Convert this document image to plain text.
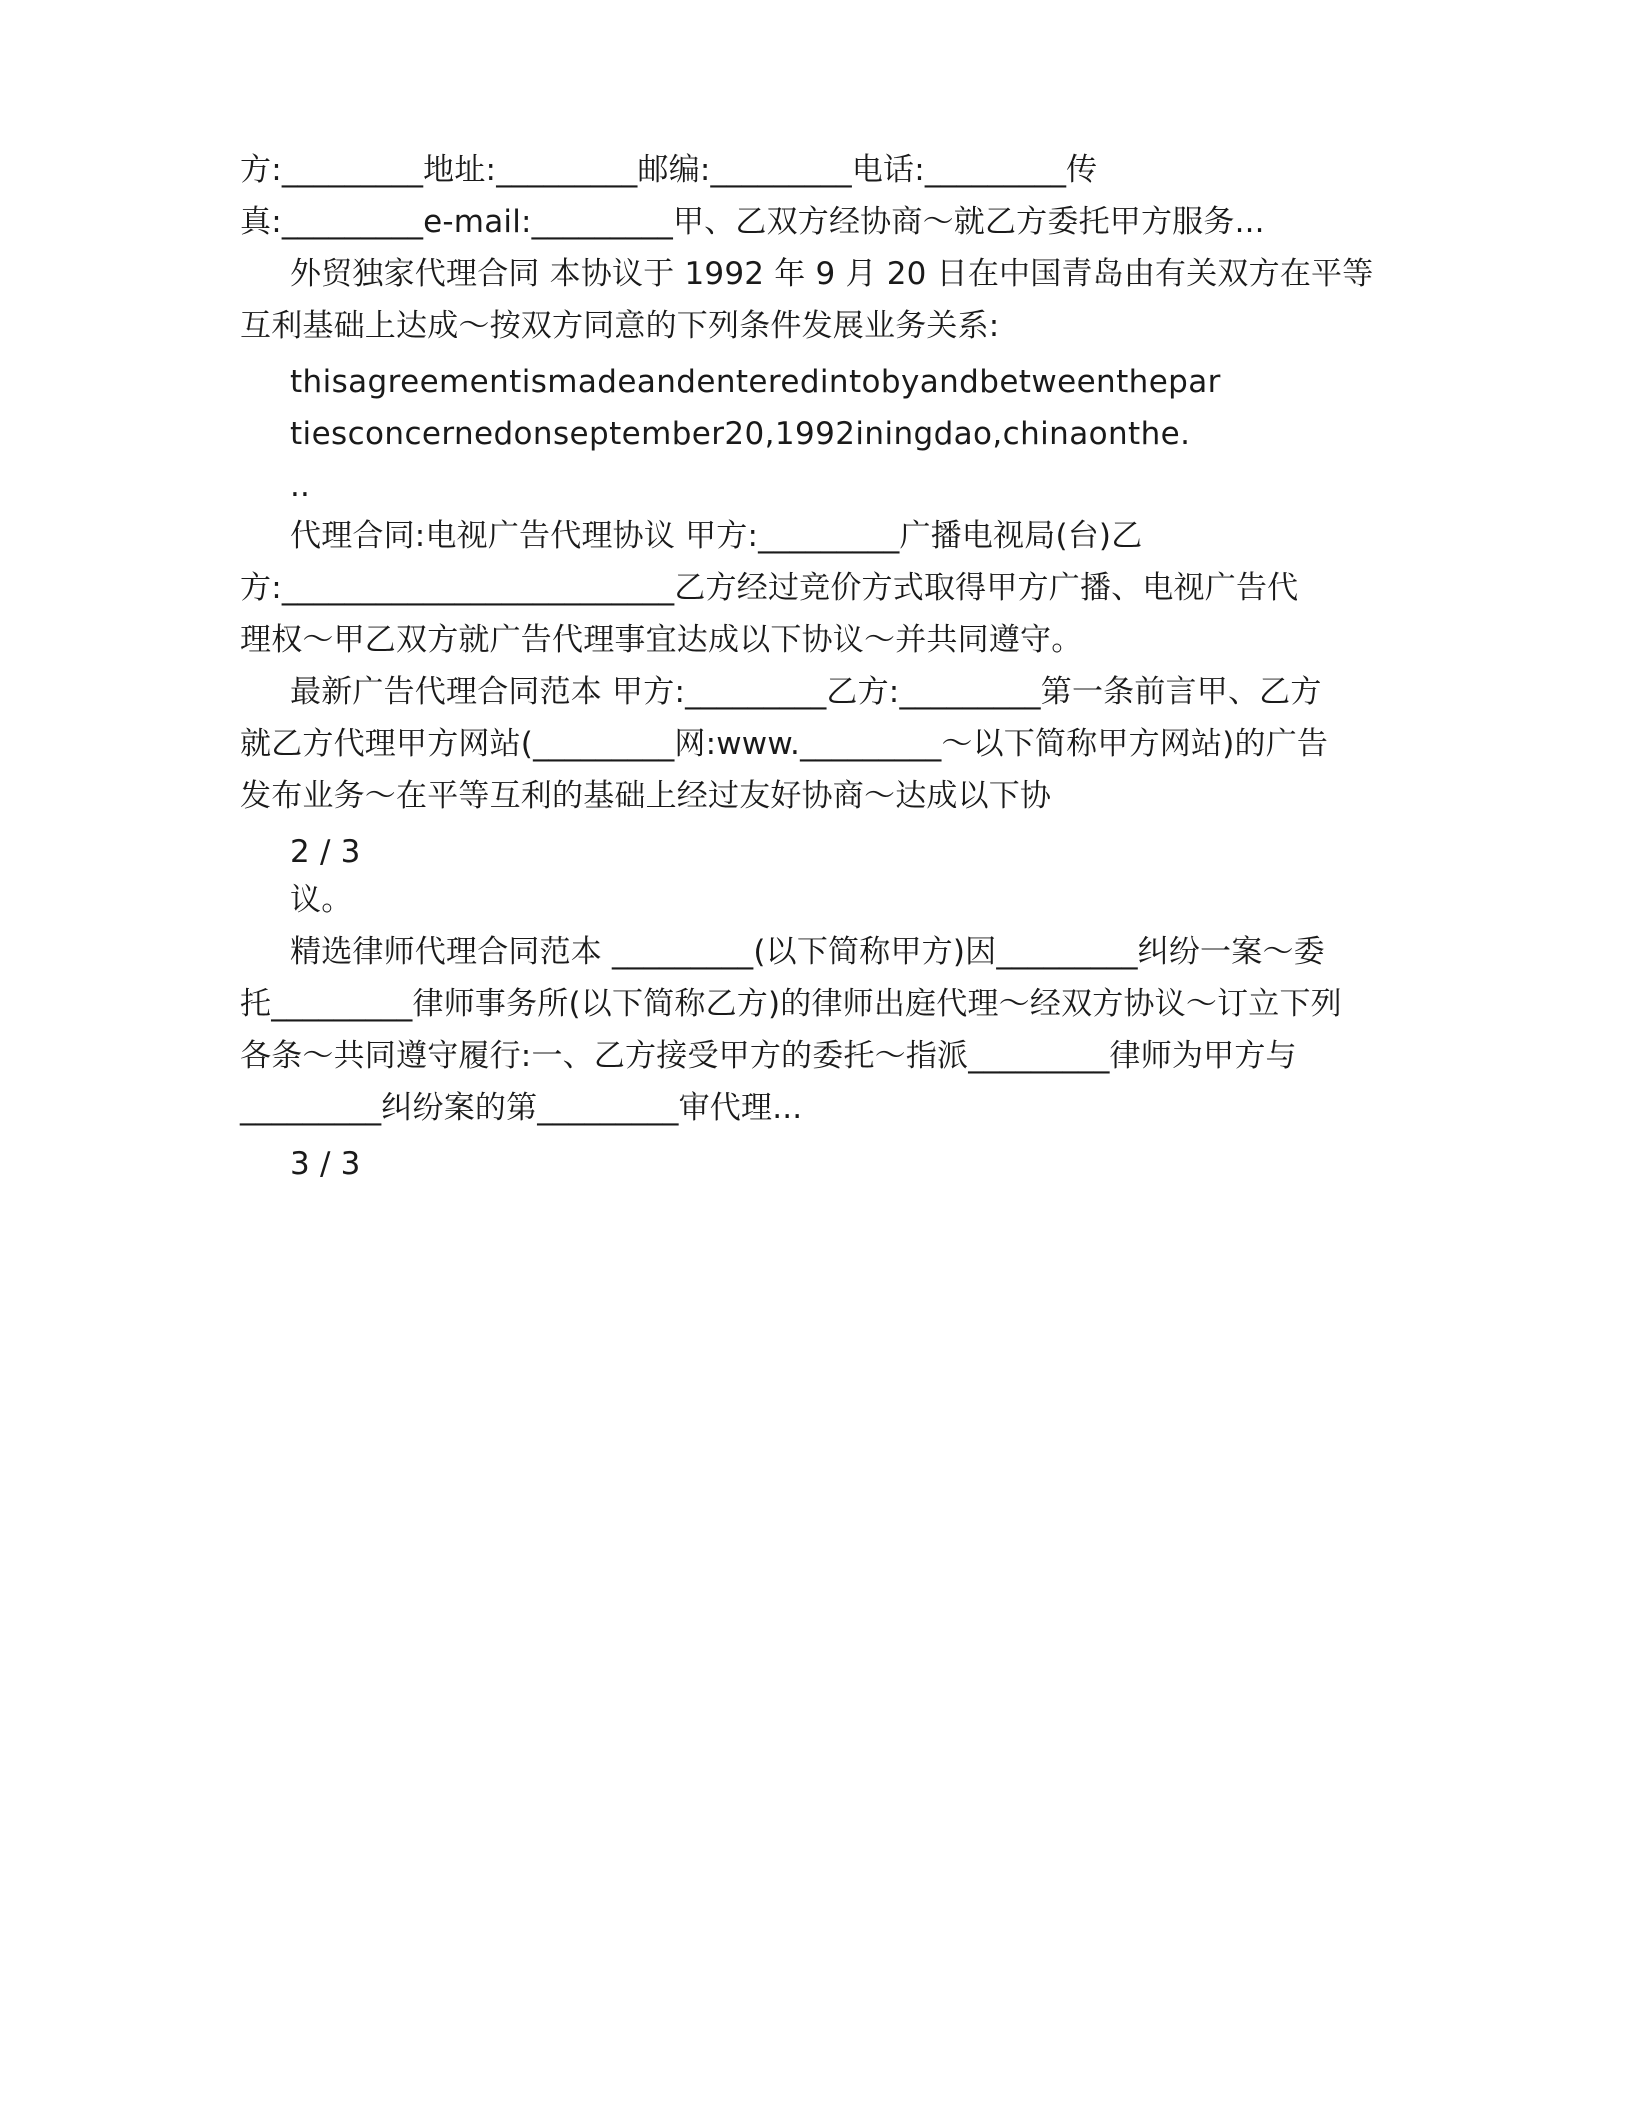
方:_________地址:_________邮编:_________电话:_________传
真:_________e-mail:_________甲、乙双方经协商～就乙方委托甲方服务...
外贸独家代理合同 本协议于 1992 年 9 月 20 日在中国青岛由有关双方在平等
互利基础上达成～按双方同意的下列条件发展业务关系:
thisagreementismadeandenteredintobyandbetweenthepar
tiesconcernedonseptember20,1992iningdao,chinaonthe.
..
代理合同:电视广告代理协议 甲方:_________广播电视局(台)乙
方:_________________________乙方经过竞价方式取得甲方广播、电视广告代
理权～甲乙双方就广告代理事宜达成以下协议～并共同遵守。
最新广告代理合同范本 甲方:_________乙方:_________第一条前言甲、乙方
就乙方代理甲方网站(_________网:www._________～以下简称甲方网站)的广告
发布业务～在平等互利的基础上经过友好协商～达成以下协
2 / 3
议。
精选律师代理合同范本 _________(以下简称甲方)因_________纠纷一案～委
托_________律师事务所(以下简称乙方)的律师出庭代理～经双方协议～订立下列
各条～共同遵守履行:一、乙方接受甲方的委托～指派_________律师为甲方与
_________纠纷案的第_________审代理...
3 / 3
